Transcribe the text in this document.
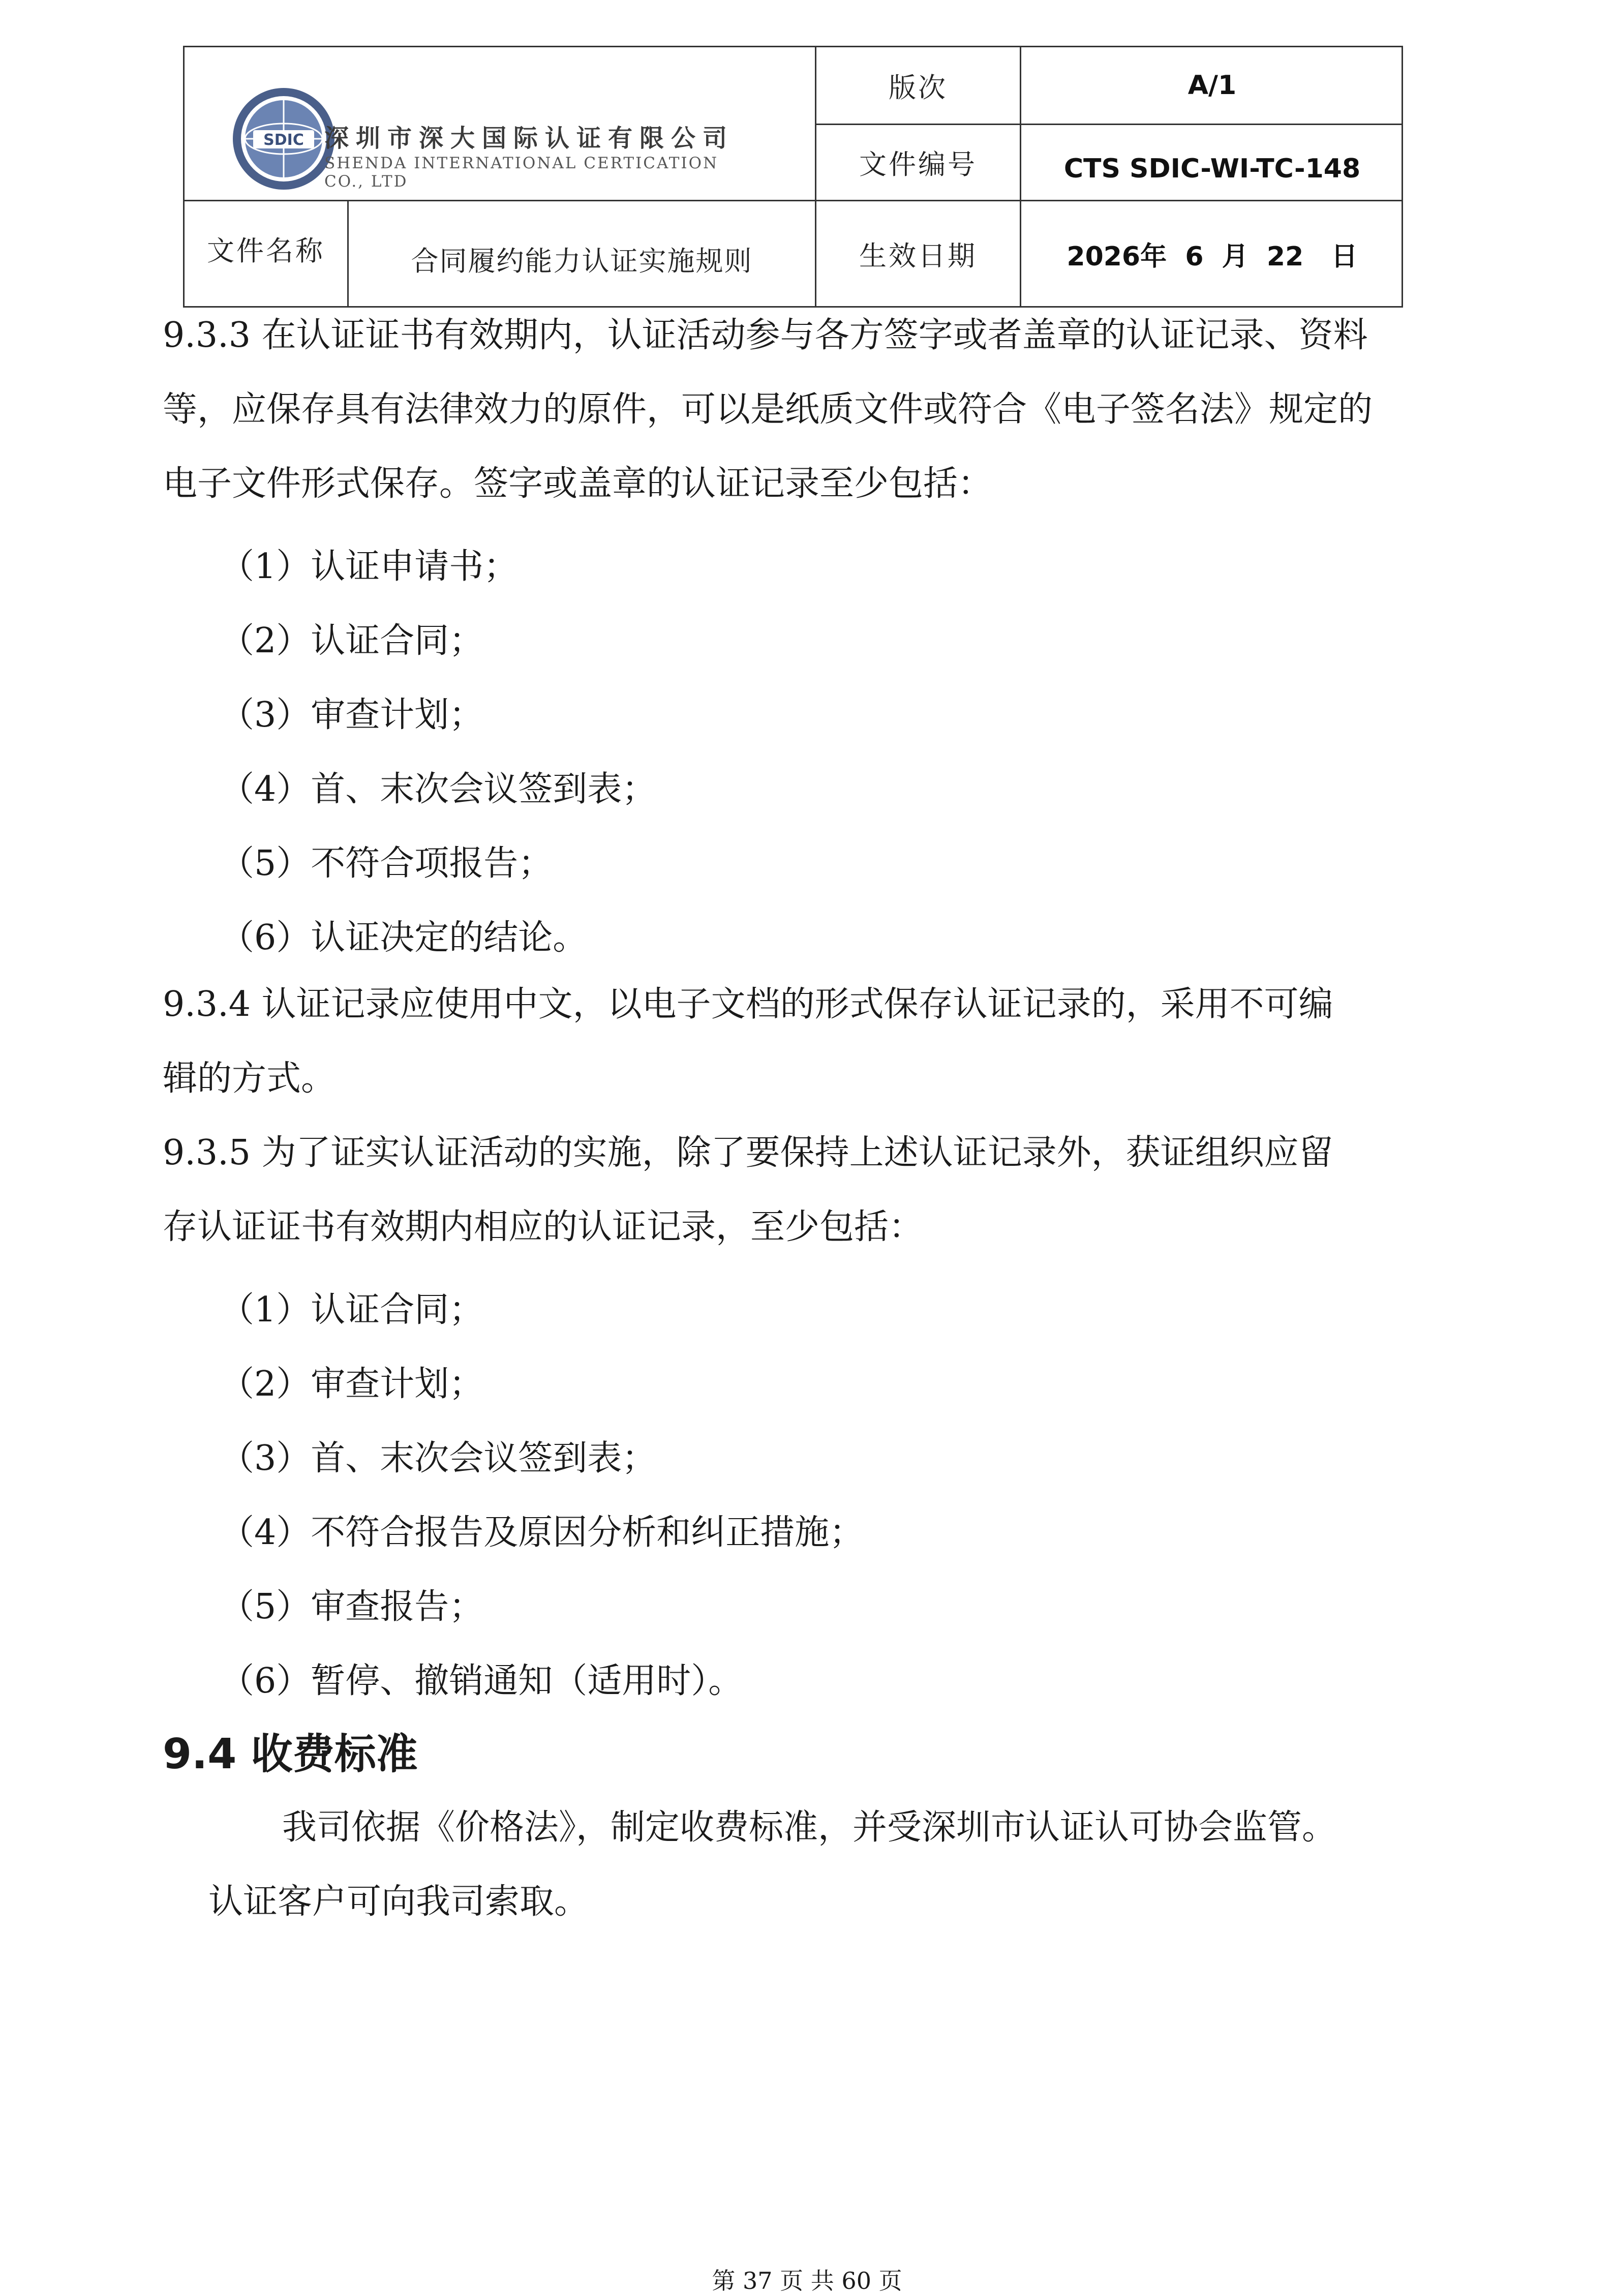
SDIC 深圳市深大国际认证有限公司
SHENDA INTERNATIONAL CERTICATION CO., LTD
版次	A/1
文件编号	CTS SDIC-WI-TC-148
文件名称	合同履约能力认证实施规则	生效日期	2026年  6  月  22   日
9.3.3 在认证证书有效期内，认证活动参与各方签字或者盖章的认证记录、资料
等，应保存具有法律效力的原件，可以是纸质文件或符合《电子签名法》规定的
电子文件形式保存。签字或盖章的认证记录至少包括：
（1）认证申请书；
（2）认证合同；
（3）审查计划；
（4）首、末次会议签到表；
（5）不符合项报告；
（6）认证决定的结论。
9.3.4 认证记录应使用中文，以电子文档的形式保存认证记录的，采用不可编
辑的方式。
9.3.5 为了证实认证活动的实施，除了要保持上述认证记录外，获证组织应留
存认证证书有效期内相应的认证记录，至少包括：
（1）认证合同；
（2）审查计划；
（3）首、末次会议签到表；
（4）不符合报告及原因分析和纠正措施；
（5）审查报告；
（6）暂停、撤销通知（适用时）。
9.4 收费标准
我司依据《价格法》，制定收费标准，并受深圳市认证认可协会监管。
认证客户可向我司索取。
第 37 页 共 60 页
